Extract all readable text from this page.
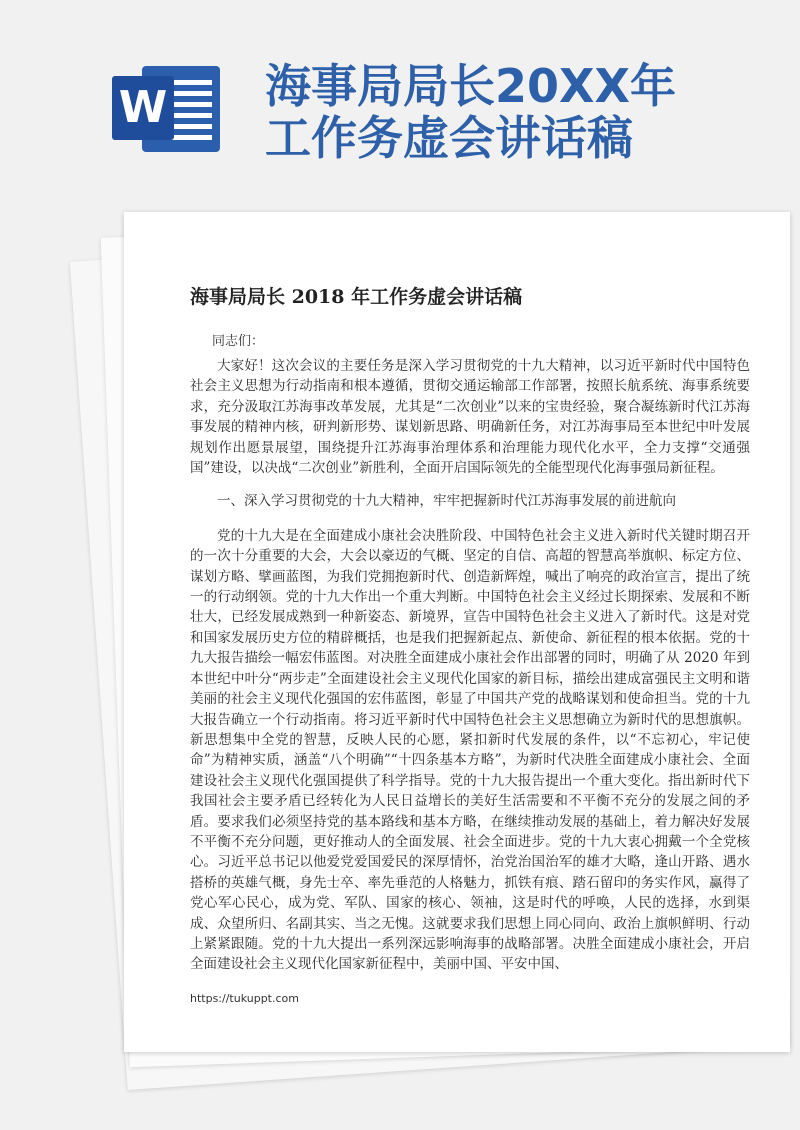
W 海事局局长20XX年
工作务虚会讲话稿
海事局局长 2018 年工作务虚会讲话稿
同志们：

大家好！这次会议的主要任务是深入学习贯彻党的十九大精神，以习近平新时代中国特色社会主义思想为行动指南和根本遵循，贯彻交通运输部工作部署，按照长航系统、海事系统要求，充分汲取江苏海事改革发展，尤其是“二次创业”以来的宝贵经验，聚合凝练新时代江苏海事发展的精神内核，研判新形势、谋划新思路、明确新任务，对江苏海事局至本世纪中叶发展规划作出愿景展望，围绕提升江苏海事治理体系和治理能力现代化水平，全力支撑“交通强国”建设，以决战“二次创业”新胜利，全面开启国际领先的全能型现代化海事强局新征程。

一、深入学习贯彻党的十九大精神，牢牢把握新时代江苏海事发展的前进航向

党的十九大是在全面建成小康社会决胜阶段、中国特色社会主义进入新时代关键时期召开的一次十分重要的大会，大会以豪迈的气概、坚定的自信、高超的智慧高举旗帜、标定方位、谋划方略、擘画蓝图，为我们党拥抱新时代、创造新辉煌，喊出了响亮的政治宣言，提出了统一的行动纲领。党的十九大作出一个重大判断。中国特色社会主义经过长期探索、发展和不断壮大，已经发展成熟到一种新姿态、新境界，宣告中国特色社会主义进入了新时代。这是对党和国家发展历史方位的精辟概括，也是我们把握新起点、新使命、新征程的根本依据。党的十九大报告描绘一幅宏伟蓝图。对决胜全面建成小康社会作出部署的同时，明确了从 2020 年到本世纪中叶分“两步走”全面建设社会主义现代化国家的新目标，描绘出建成富强民主文明和谐美丽的社会主义现代化强国的宏伟蓝图，彰显了中国共产党的战略谋划和使命担当。党的十九大报告确立一个行动指南。将习近平新时代中国特色社会主义思想确立为新时代的思想旗帜。新思想集中全党的智慧，反映人民的心愿，紧扣新时代发展的条件，以“不忘初心，牢记使命”为精神实质，涵盖“八个明确”“十四条基本方略”，为新时代决胜全面建成小康社会、全面建设社会主义现代化强国提供了科学指导。党的十九大报告提出一个重大变化。指出新时代下我国社会主要矛盾已经转化为人民日益增长的美好生活需要和不平衡不充分的发展之间的矛盾。要求我们必须坚持党的基本路线和基本方略，在继续推动发展的基础上，着力解决好发展不平衡不充分问题，更好推动人的全面发展、社会全面进步。党的十九大衷心拥戴一个全党核心。习近平总书记以他爱党爱国爱民的深厚情怀，治党治国治军的雄才大略，逢山开路、遇水搭桥的英雄气概，身先士卒、率先垂范的人格魅力，抓铁有痕、踏石留印的务实作风，赢得了党心军心民心，成为党、军队、国家的核心、领袖，这是时代的呼唤，人民的选择，水到渠成、众望所归、名副其实、当之无愧。这就要求我们思想上同心同向、政治上旗帜鲜明、行动上紧紧跟随。党的十九大提出一系列深远影响海事的战略部署。决胜全面建成小康社会，开启全面建设社会主义现代化国家新征程中，美丽中国、平安中国、

https://tukuppt.com
